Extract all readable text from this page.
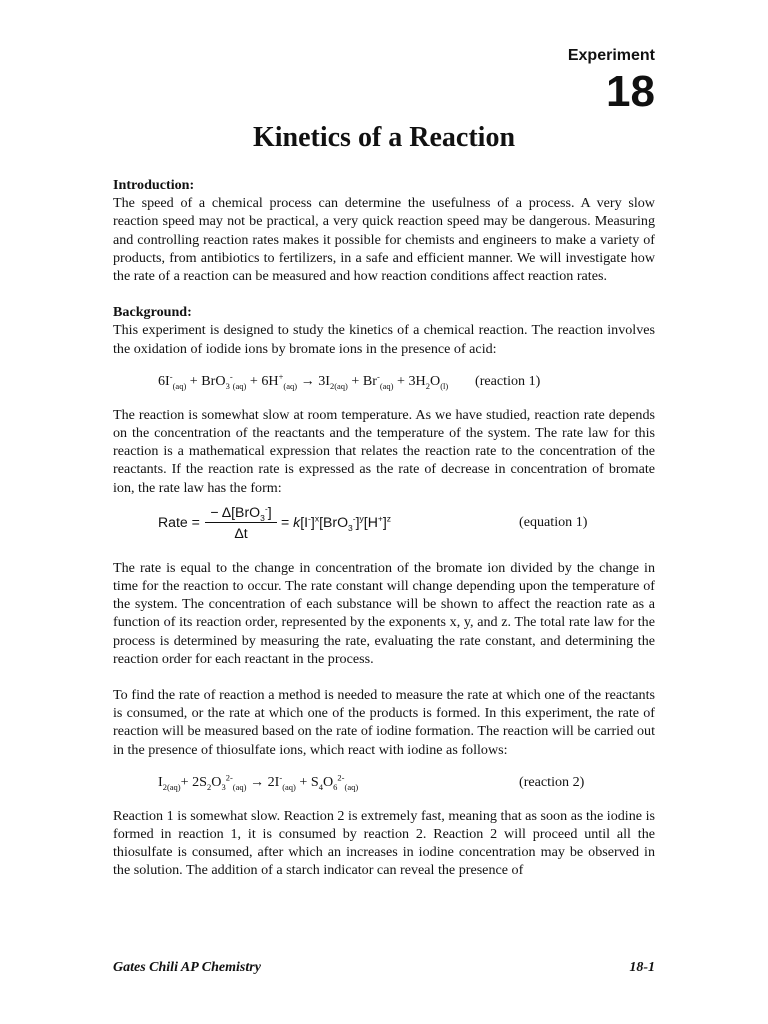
Experiment
18
Kinetics of a Reaction

Introduction:

The speed of a chemical process can determine the usefulness of a process. A very slow reaction speed may not be practical, a very quick reaction speed may be dangerous. Measuring and controlling reaction rates makes it possible for chemists and engineers to make a variety of products, from antibiotics to fertilizers, in a safe and efficient manner. We will investigate how the rate of a reaction can be measured and how reaction conditions affect reaction rates.

Background:

This experiment is designed to study the kinetics of a chemical reaction. The reaction involves the oxidation of iodide ions by bromate ions in the presence of acid:

$6I^-_{(aq)} + BrO_3^-_{(aq)} + 6H^+_{(aq)} \to 3I_{2(aq)} + Br^-_{(aq)} + 3H_2O_{(l)}$ (reaction 1)

The reaction is somewhat slow at room temperature. As we have studied, reaction rate depends on the concentration of the reactants and the temperature of the system. The rate law for this reaction is a mathematical expression that relates the reaction rate to the concentration of the reactants. If the reaction rate is expressed as the rate of decrease in concentration of bromate ion, the rate law has the form:

Rate =
− Δ[BrO$_3$-]
Δt
= $k[I^-]^x[BrO_3^-]^y[H^+]^z$	(equation 1)

The rate is equal to the change in concentration of the bromate ion divided by the change in time for the reaction to occur. The rate constant will change depending upon the temperature of the system. The concentration of each substance will be shown to affect the reaction rate as a function of its reaction order, represented by the exponents x, y, and z. The total rate law for the process is determined by measuring the rate, evaluating the rate constant, and determining the reaction order for each reactant in the process.

To find the rate of reaction a method is needed to measure the rate at which one of the reactants is consumed, or the rate at which one of the products is formed. In this experiment, the rate of reaction will be measured based on the rate of iodine formation. The reaction will be carried out in the presence of thiosulfate ions, which react with iodine as follows:

$I_{2(aq)}+ 2S_2O_3^{2-}_{(aq)} \to 2I^-_{(aq)} + S_4O_6^{2-}_{(aq)}$	(reaction 2)

Reaction 1 is somewhat slow. Reaction 2 is extremely fast, meaning that as soon as the iodine is formed in reaction 1, it is consumed by reaction 2. Reaction 2 will proceed until all the thiosulfate is consumed, after which an increases in iodine concentration may be observed in the solution. The addition of a starch indicator can reveal the presence of

Gates Chili AP Chemistry	18-1
